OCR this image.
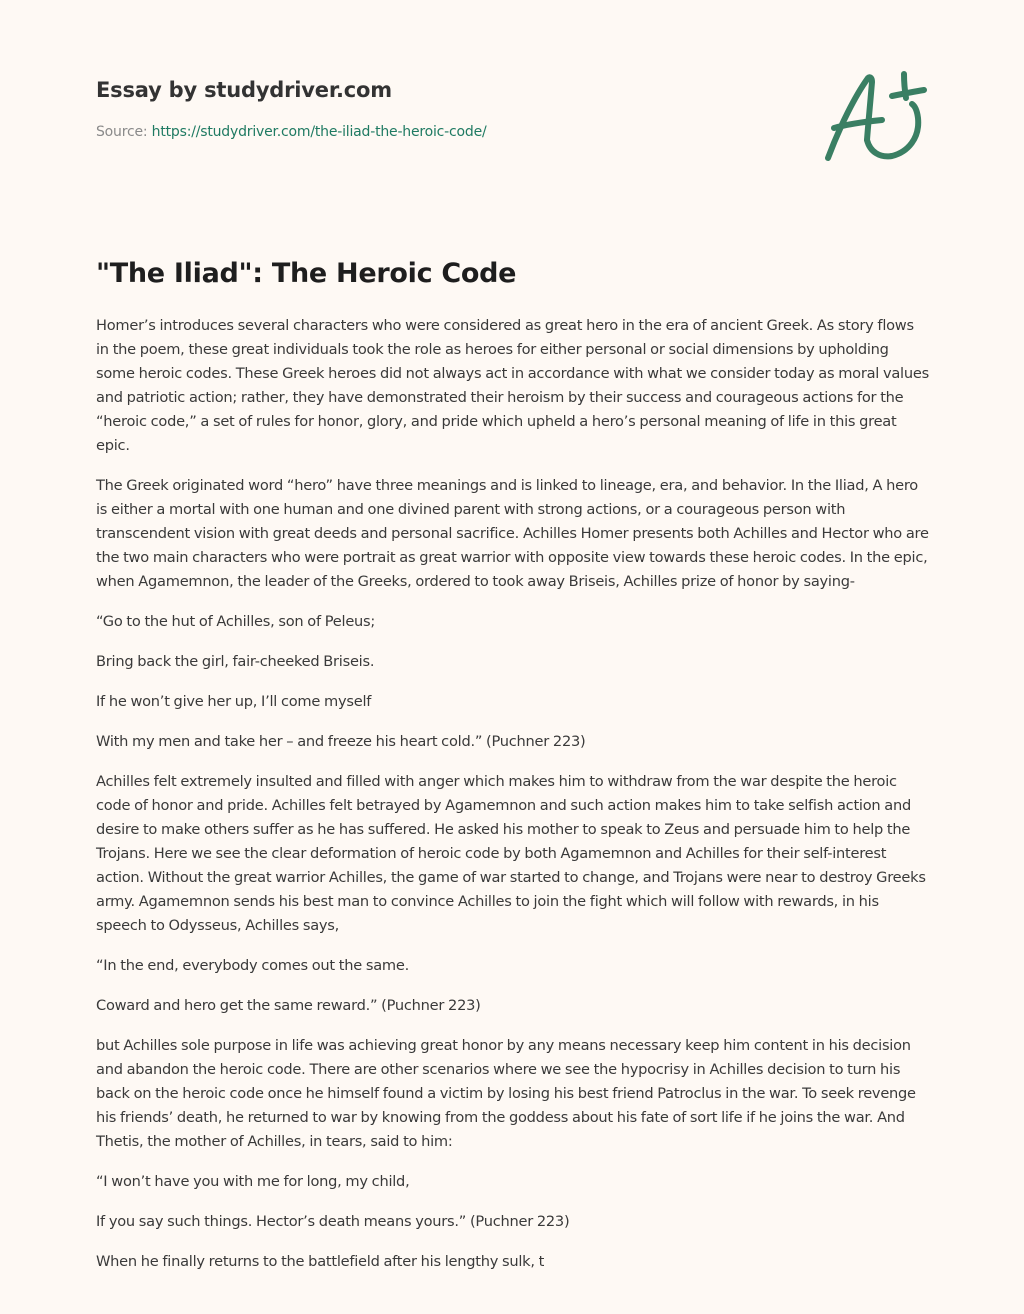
Essay by studydriver.com
Source: https://studydriver.com/the-iliad-the-heroic-code/
"The Iliad": The Heroic Code

Homer’s introduces several characters who were considered as great hero in the era of ancient Greek. As story flows in the poem, these great individuals took the role as heroes for either personal or social dimensions by upholding some heroic codes. These Greek heroes did not always act in accordance with what we consider today as moral values and patriotic action; rather, they have demonstrated their heroism by their success and courageous actions for the “heroic code,” a set of rules for honor, glory, and pride which upheld a hero’s personal meaning of life in this great epic.

The Greek originated word “hero” have three meanings and is linked to lineage, era, and behavior. In the Iliad, A hero is either a mortal with one human and one divined parent with strong actions, or a courageous person with transcendent vision with great deeds and personal sacrifice. Achilles Homer presents both Achilles and Hector who are the two main characters who were portrait as great warrior with opposite view towards these heroic codes. In the epic, when Agamemnon, the leader of the Greeks, ordered to took away Briseis, Achilles prize of honor by saying-

“Go to the hut of Achilles, son of Peleus;

Bring back the girl, fair-cheeked Briseis.

If he won’t give her up, I’ll come myself

With my men and take her – and freeze his heart cold.” (Puchner 223)

Achilles felt extremely insulted and filled with anger which makes him to withdraw from the war despite the heroic code of honor and pride. Achilles felt betrayed by Agamemnon and such action makes him to take selfish action and desire to make others suffer as he has suffered. He asked his mother to speak to Zeus and persuade him to help the Trojans. Here we see the clear deformation of heroic code by both Agamemnon and Achilles for their self-interest action. Without the great warrior Achilles, the game of war started to change, and Trojans were near to destroy Greeks army. Agamemnon sends his best man to convince Achilles to join the fight which will follow with rewards, in his speech to Odysseus, Achilles says,

“In the end, everybody comes out the same.

Coward and hero get the same reward.” (Puchner 223)

but Achilles sole purpose in life was achieving great honor by any means necessary keep him content in his decision and abandon the heroic code. There are other scenarios where we see the hypocrisy in Achilles decision to turn his back on the heroic code once he himself found a victim by losing his best friend Patroclus in the war. To seek revenge his friends’ death, he returned to war by knowing from the goddess about his fate of sort life if he joins the war. And Thetis, the mother of Achilles, in tears, said to him:

“I won’t have you with me for long, my child,

If you say such things. Hector’s death means yours.” (Puchner 223)

When he finally returns to the battlefield after his lengthy sulk, t
